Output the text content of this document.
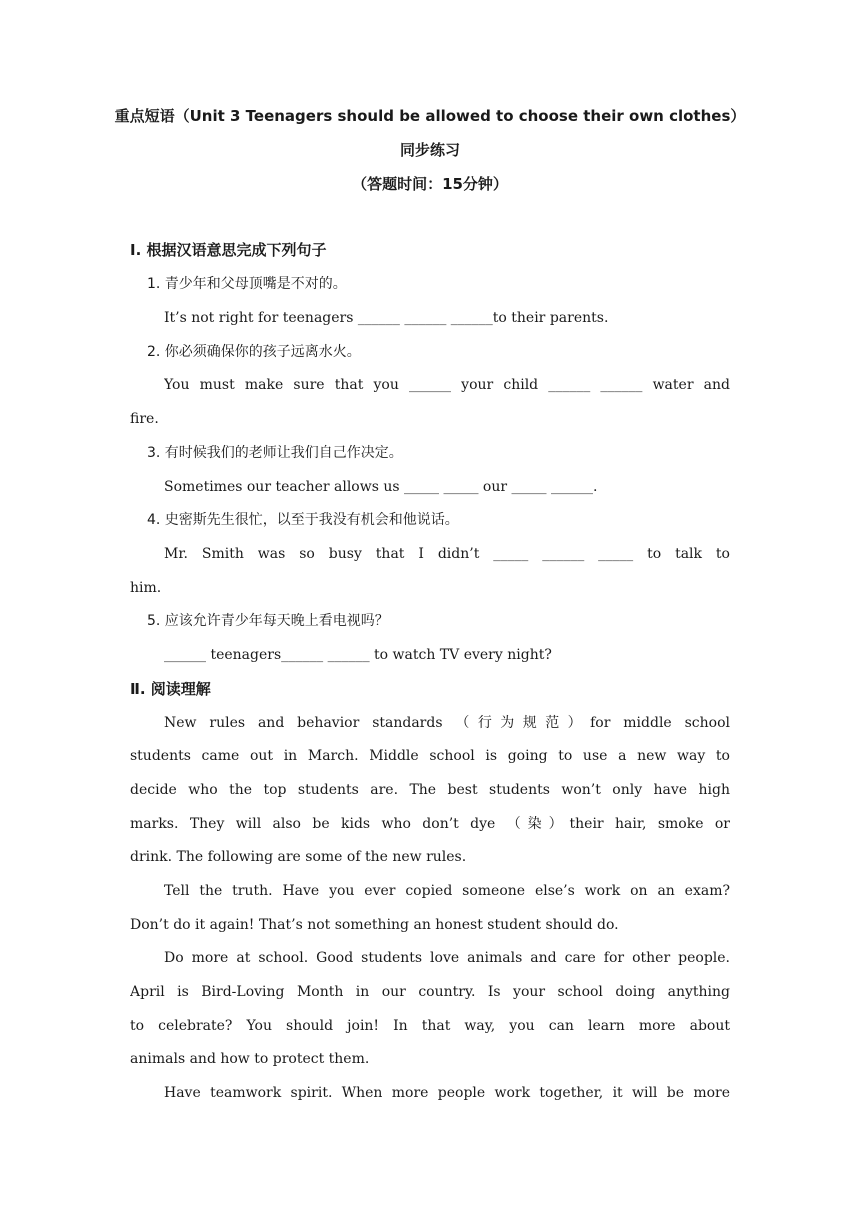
重点短语（Unit 3 Teenagers should be allowed to choose their own clothes）
同步练习
（答题时间：15分钟）
Ⅰ. 根据汉语意思完成下列句子
1. 青少年和父母顶嘴是不对的。
It’s not right for teenagers ______ ______ ______to their parents.
2. 你必须确保你的孩子远离水火。
You must make sure that you ______ your child ______ ______ water and
fire.
3. 有时候我们的老师让我们自己作决定。
Sometimes our teacher allows us _____ _____ our _____ ______.
4. 史密斯先生很忙，以至于我没有机会和他说话。
Mr. Smith was so busy that I didn’t _____ ______ _____ to talk to
him.
5. 应该允许青少年每天晚上看电视吗？
______ teenagers______ ______ to watch TV every night?
Ⅱ. 阅读理解
New rules and behavior standards （行为规范）for middle school
students came out in March. Middle school is going to use a new way to
decide who the top students are. The best students won’t only have high
marks. They will also be kids who don’t dye （染）their hair, smoke or
drink. The following are some of the new rules.
Tell the truth. Have you ever copied someone else’s work on an exam?
Don’t do it again! That’s not something an honest student should do.
Do more at school. Good students love animals and care for other people.
April is Bird-Loving Month in our country. Is your school doing anything
to celebrate? You should join! In that way, you can learn more about
animals and how to protect them.
Have teamwork spirit. When more people work together, it will be more
